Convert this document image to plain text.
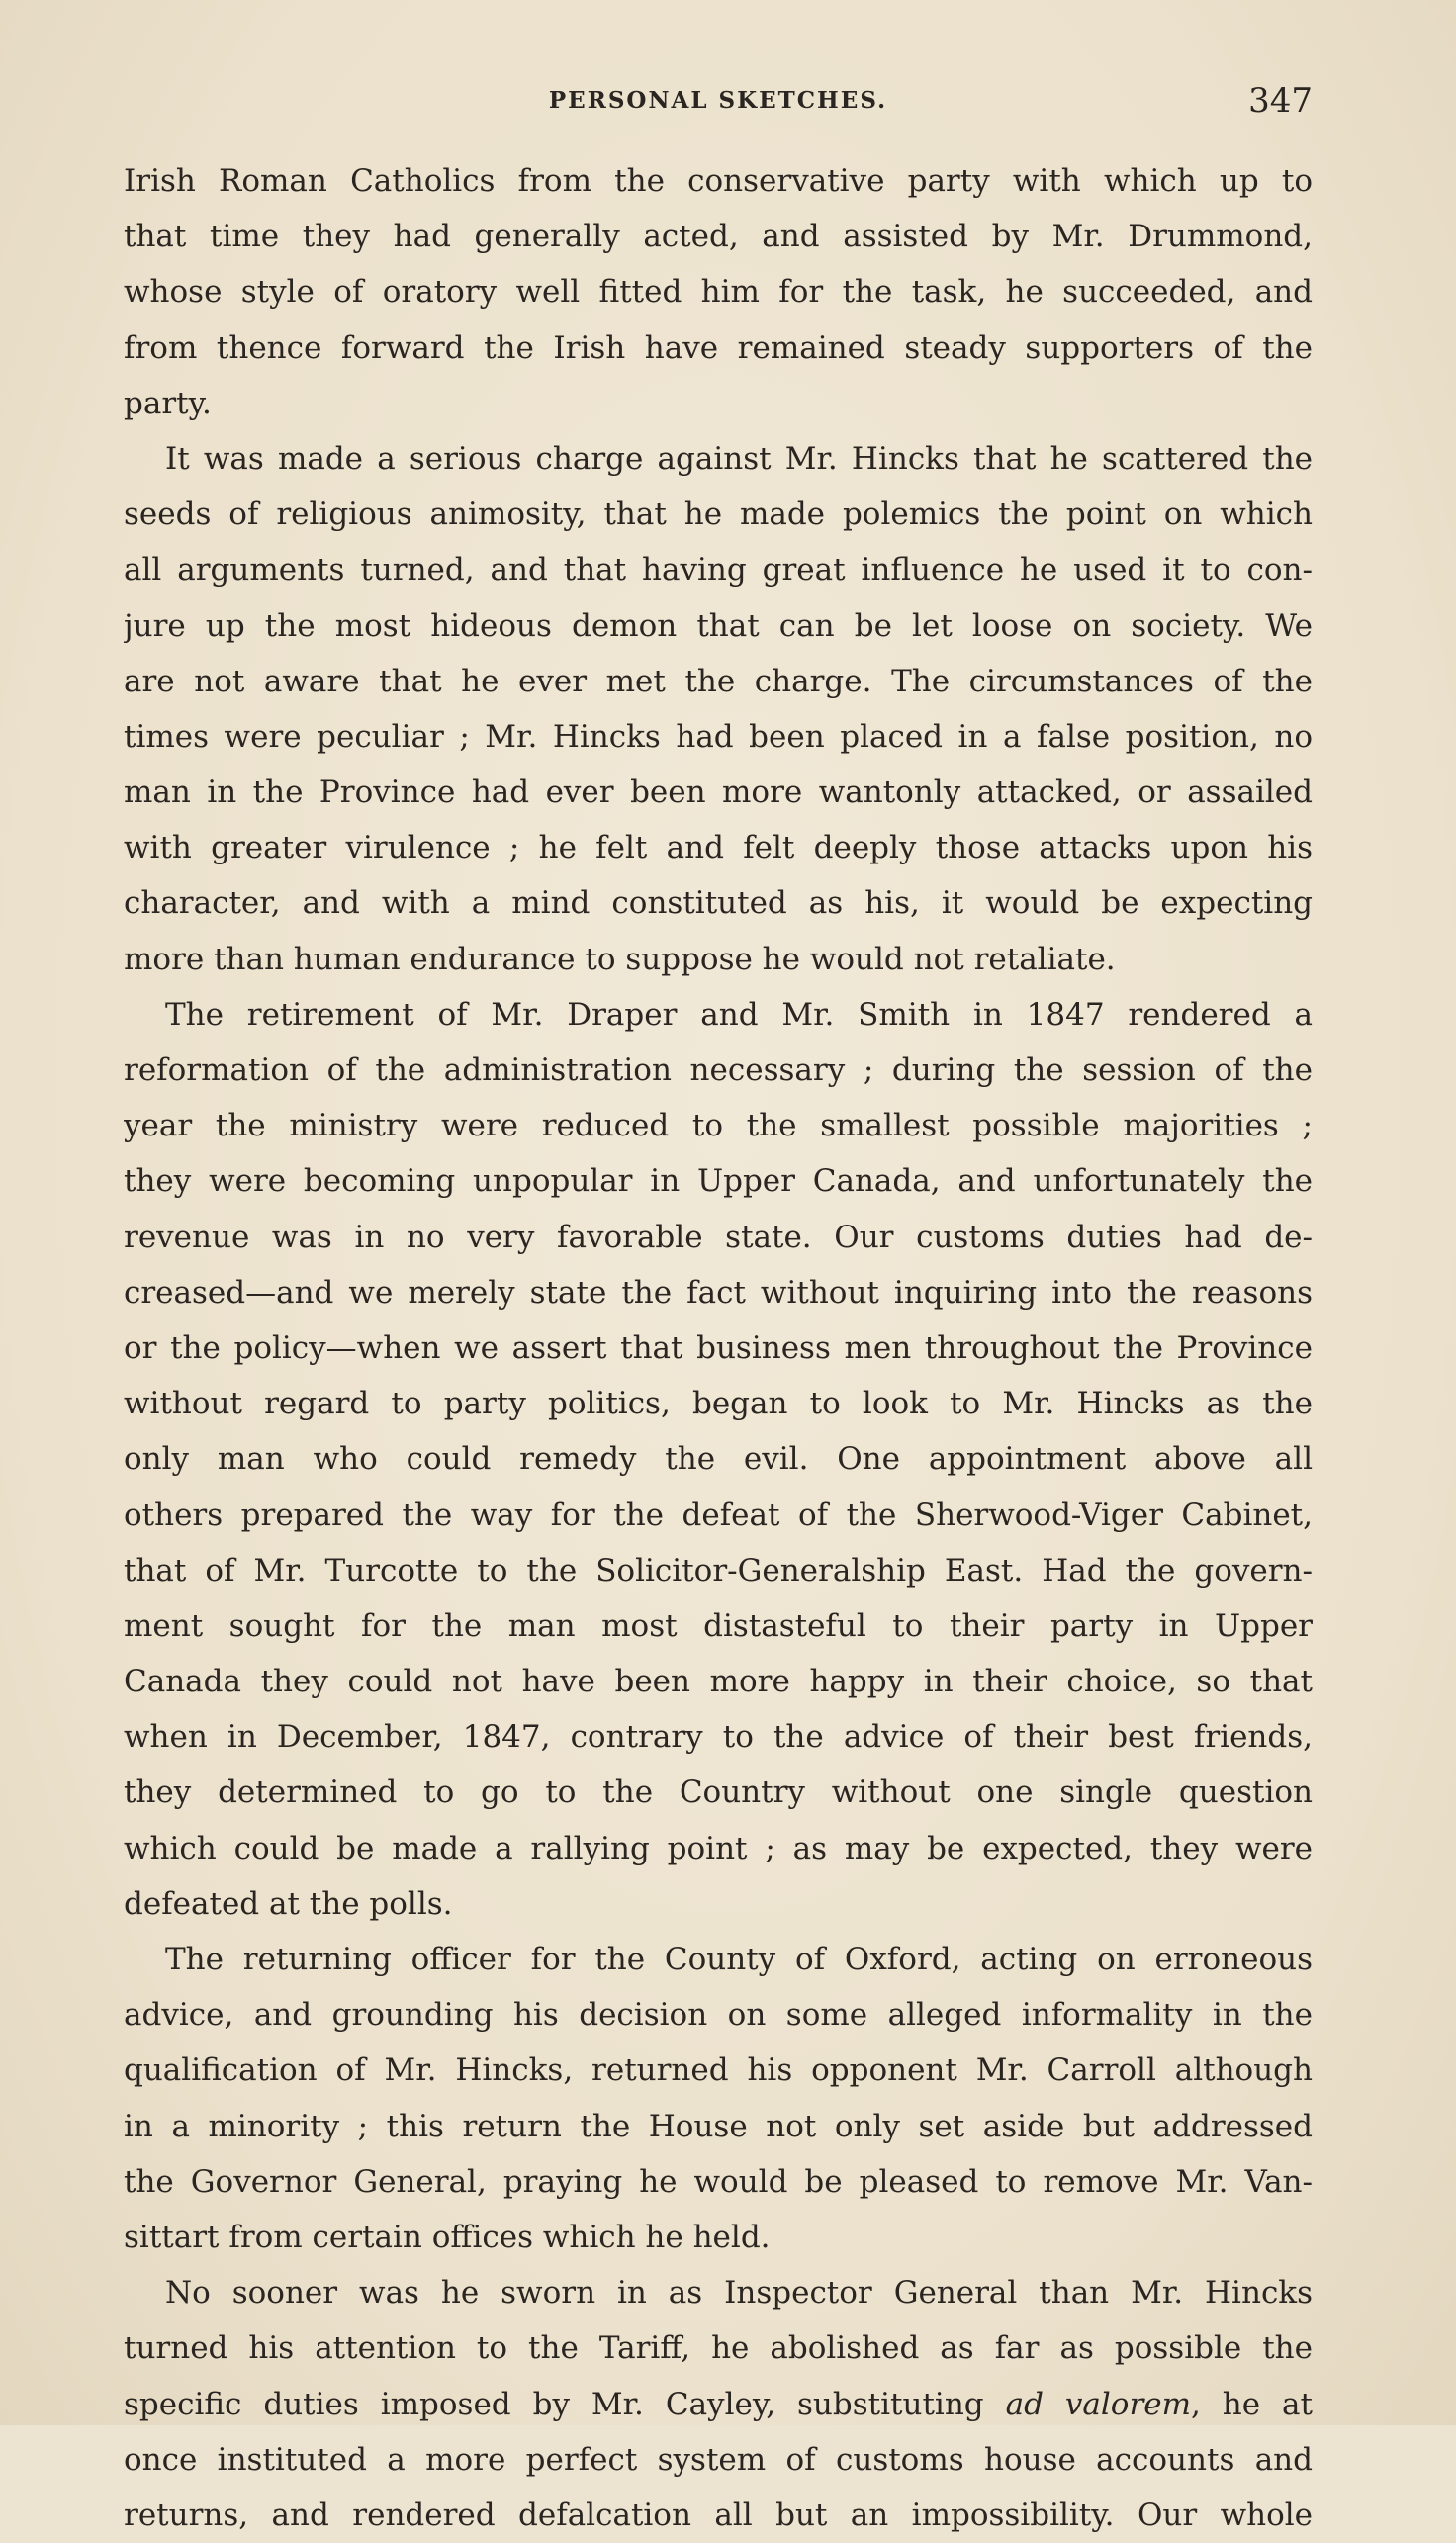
PERSONAL SKETCHES.	347
Irish Roman Catholics from the conservative party with which up to
that time they had generally acted, and assisted by Mr. Drummond,
whose style of oratory well fitted him for the task, he succeeded, and
from thence forward the Irish have remained steady supporters of the
party.
It was made a serious charge against Mr. Hincks that he scattered the
seeds of religious animosity, that he made polemics the point on which
all arguments turned, and that having great influence he used it to con-
jure up the most hideous demon that can be let loose on society. We
are not aware that he ever met the charge. The circumstances of the
times were peculiar ; Mr. Hincks had been placed in a false position, no
man in the Province had ever been more wantonly attacked, or assailed
with greater virulence ; he felt and felt deeply those attacks upon his
character, and with a mind constituted as his, it would be expecting
more than human endurance to suppose he would not retaliate.
The retirement of Mr. Draper and Mr. Smith in 1847 rendered a
reformation of the administration necessary ; during the session of the
year the ministry were reduced to the smallest possible majorities ;
they were becoming unpopular in Upper Canada, and unfortunately the
revenue was in no very favorable state. Our customs duties had de-
creased—and we merely state the fact without inquiring into the reasons
or the policy—when we assert that business men throughout the Province
without regard to party politics, began to look to Mr. Hincks as the
only man who could remedy the evil. One appointment above all
others prepared the way for the defeat of the Sherwood-Viger Cabinet,
that of Mr. Turcotte to the Solicitor-Generalship East. Had the govern-
ment sought for the man most distasteful to their party in Upper
Canada they could not have been more happy in their choice, so that
when in December, 1847, contrary to the advice of their best friends,
they determined to go to the Country without one single question
which could be made a rallying point ; as may be expected, they were
defeated at the polls.
The returning officer for the County of Oxford, acting on erroneous
advice, and grounding his decision on some alleged informality in the
qualification of Mr. Hincks, returned his opponent Mr. Carroll although
in a minority ; this return the House not only set aside but addressed
the Governor General, praying he would be pleased to remove Mr. Van-
sittart from certain offices which he held.
No sooner was he sworn in as Inspector General than Mr. Hincks
turned his attention to the Tariff, he abolished as far as possible the
specific duties imposed by Mr. Cayley, substituting ad valorem, he at
once instituted a more perfect system of customs house accounts and
returns, and rendered defalcation all but an impossibility. Our whole
